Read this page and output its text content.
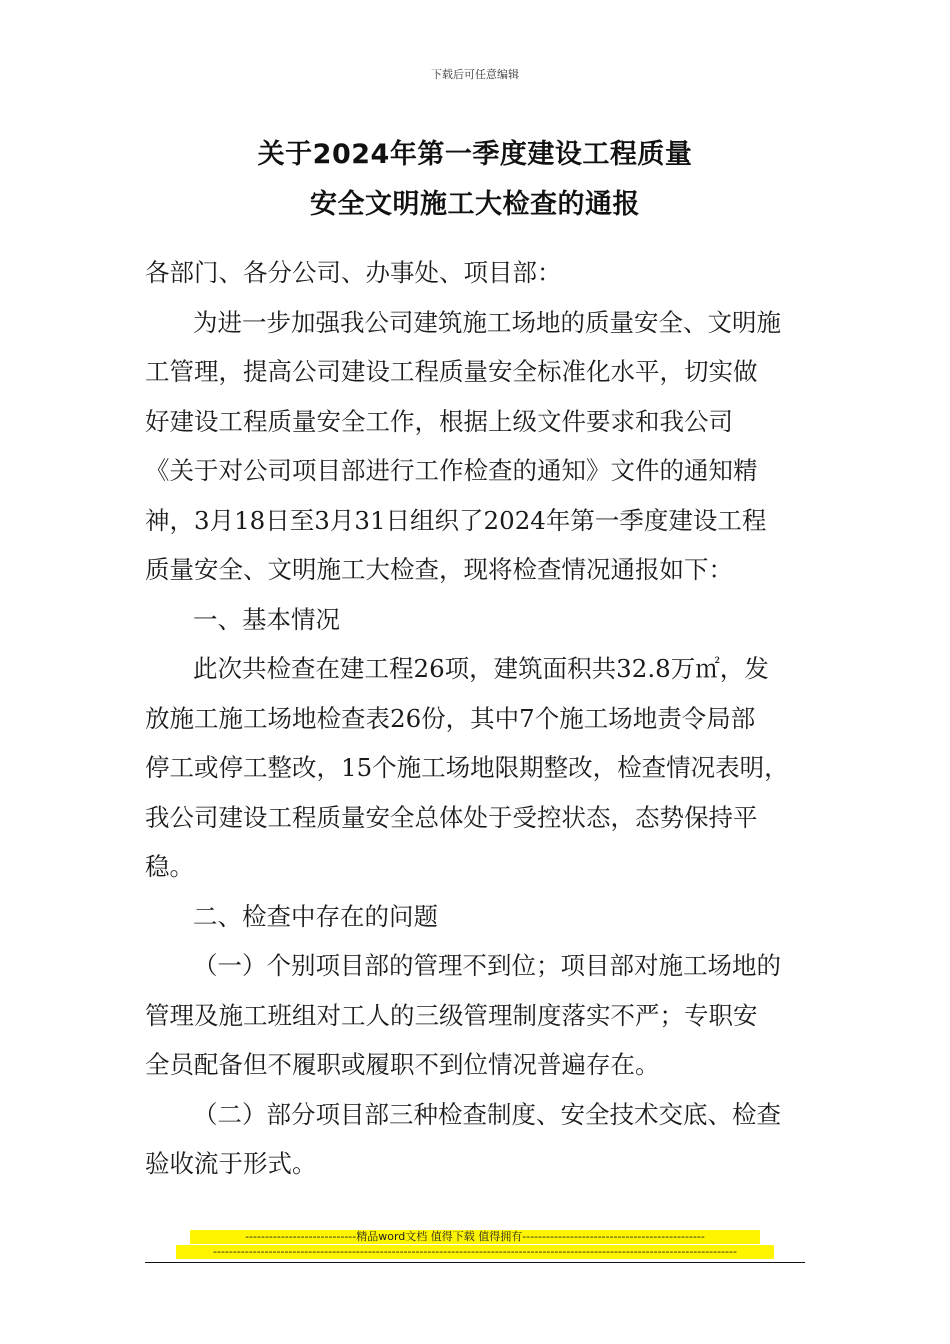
下载后可任意编辑
关于2024年第一季度建设工程质量
安全文明施工大检查的通报
各部门、各分公司、办事处、项目部：
为进一步加强我公司建筑施工场地的质量安全、文明施
工管理，提高公司建设工程质量安全标准化水平，切实做
好建设工程质量安全工作，根据上级文件要求和我公司
《关于对公司项目部进行工作检查的通知》文件的通知精
神，3月18日至3月31日组织了2024年第一季度建设工程
质量安全、文明施工大检查，现将检查情况通报如下：
一、基本情况
此次共检查在建工程26项，建筑面积共32.8万㎡，发
放施工施工场地检查表26份，其中7个施工场地责令局部
停工或停工整改，15个施工场地限期整改，检查情况表明，
我公司建设工程质量安全总体处于受控状态，态势保持平
稳。
二、检查中存在的问题
（一）个别项目部的管理不到位；项目部对施工场地的
管理及施工班组对工人的三级管理制度落实不严；专职安
全员配备但不履职或履职不到位情况普遍存在。
（二）部分项目部三种检查制度、安全技术交底、检查
验收流于形式。
----------------------------精品word文档 值得下载 值得拥有----------------------------------------------
------------------------------------------------------------------------------------------------------------------------------------
